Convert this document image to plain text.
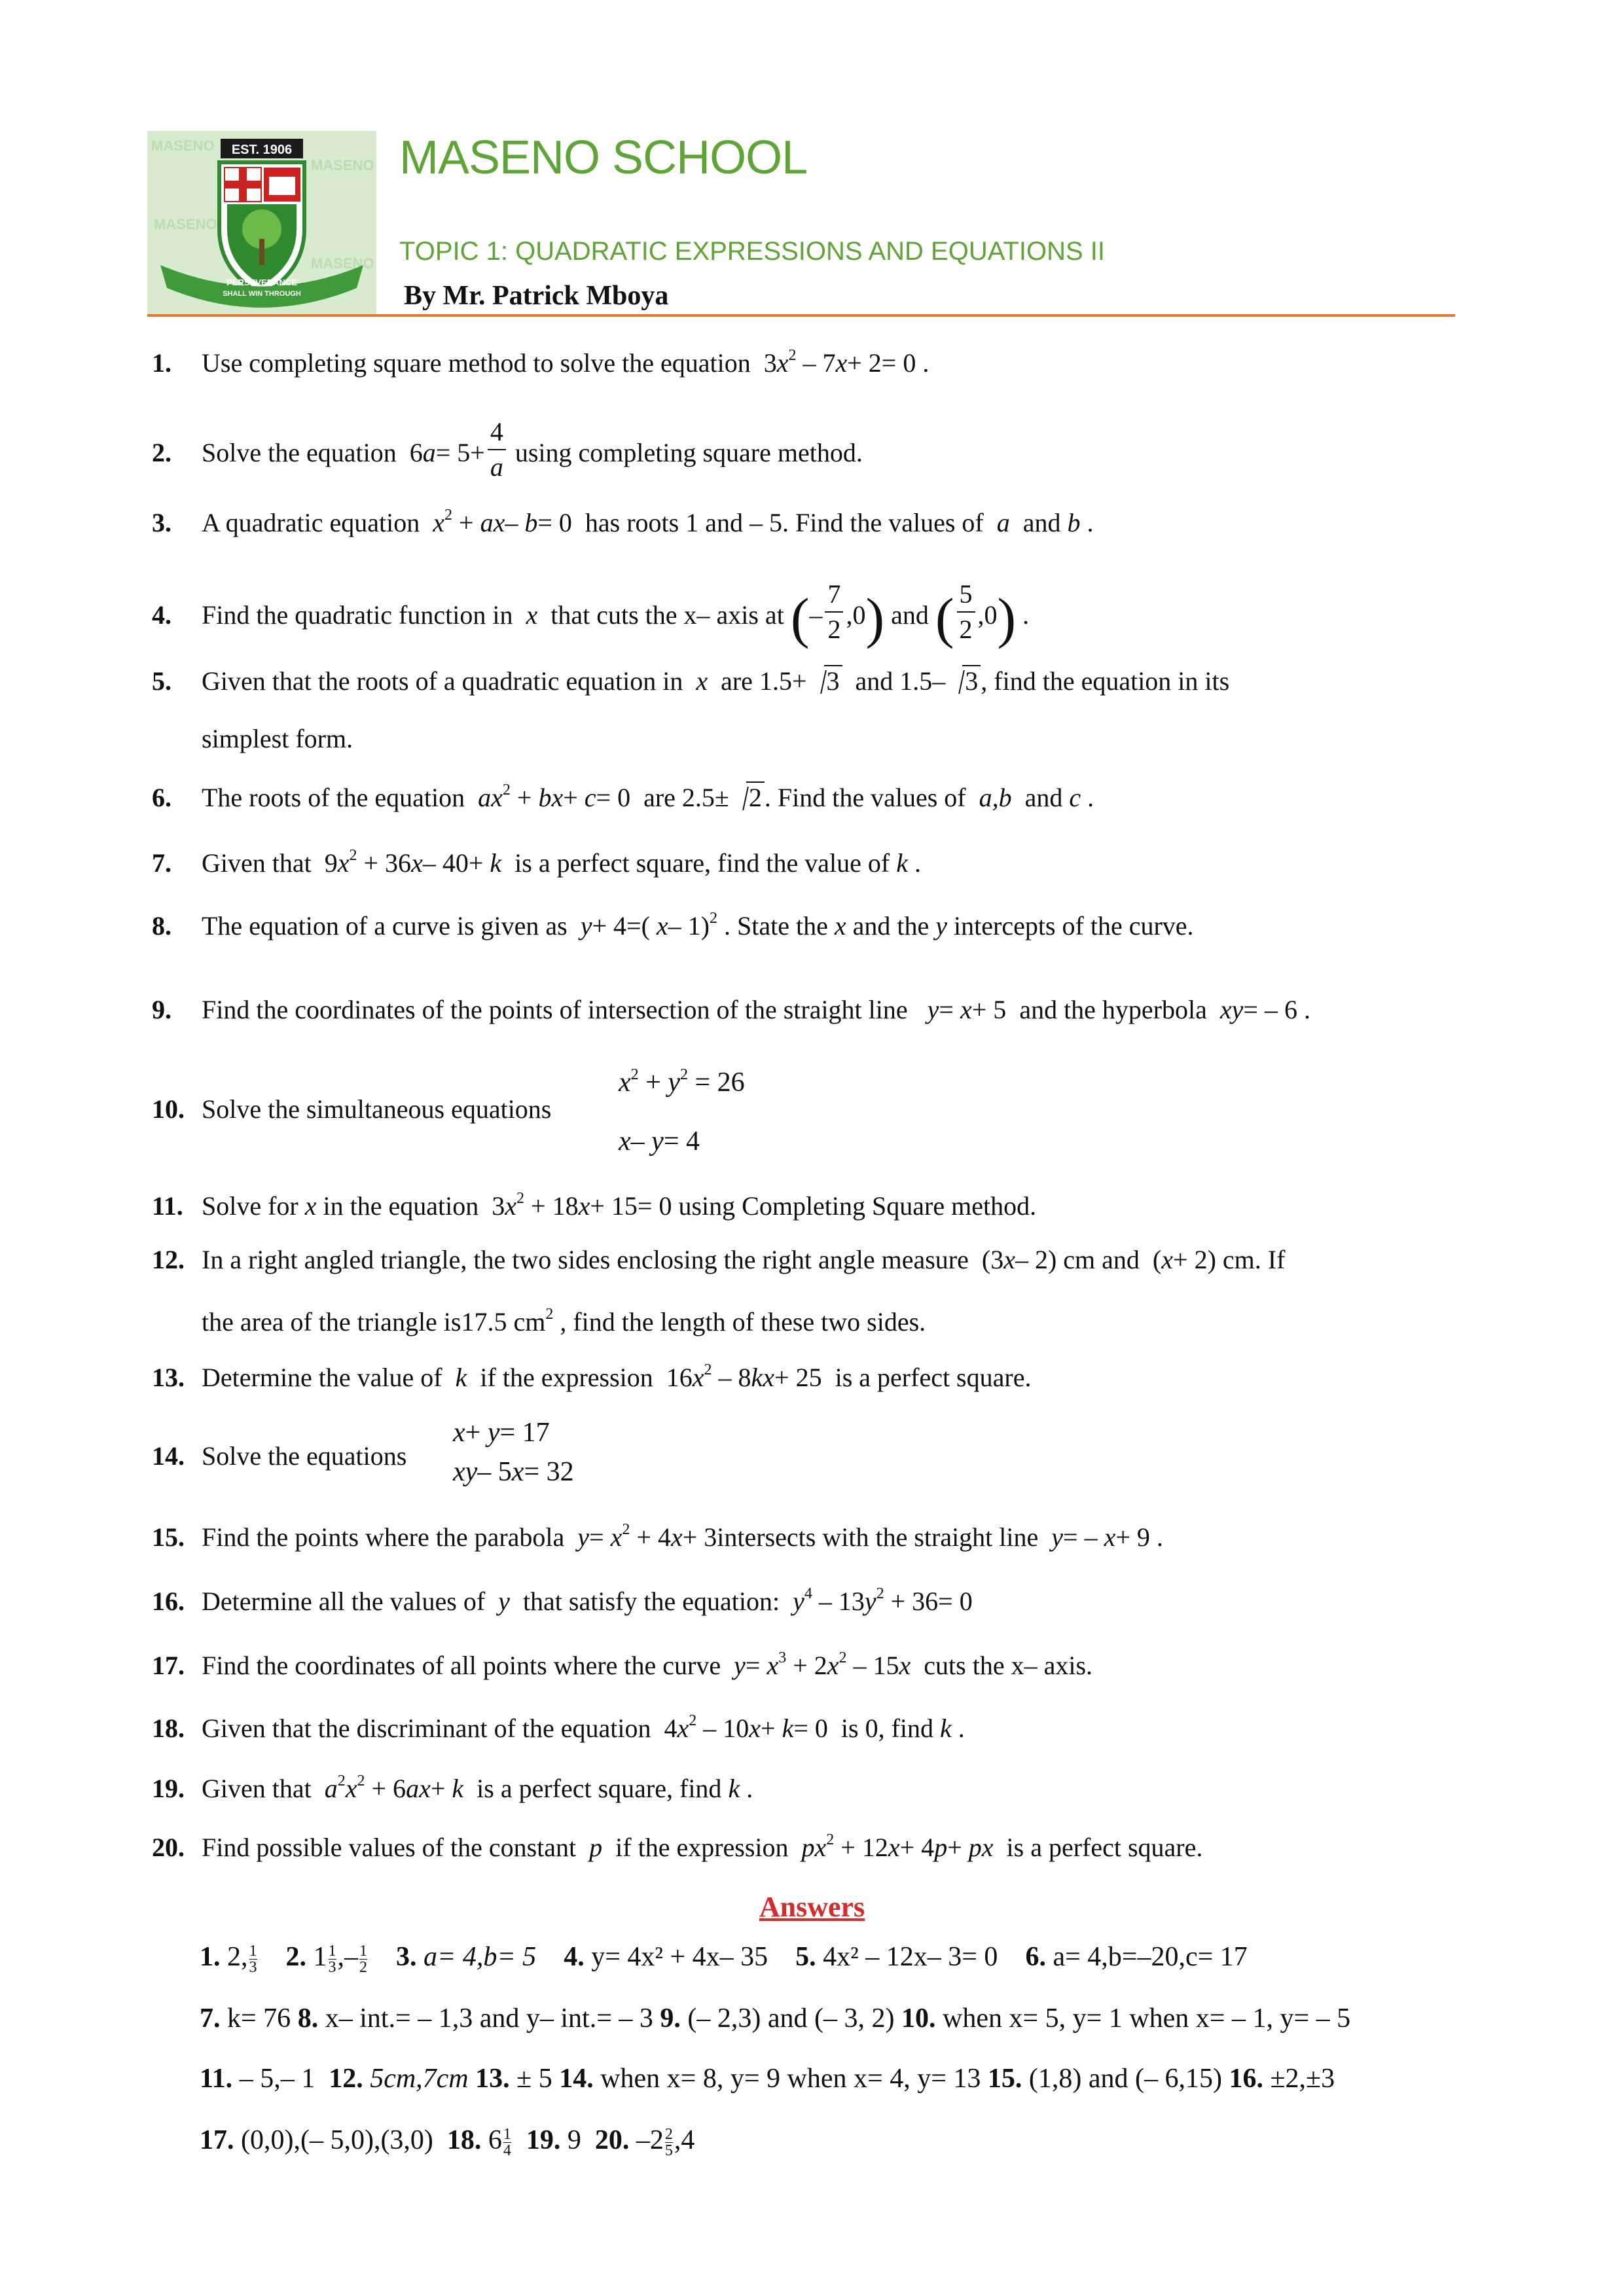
MASENO
MASENO
MASENO
MASENO
EST. 1906
PERSEVERANCE
SHALL WIN THROUGH
MASENO SCHOOL
TOPIC 1: QUADRATIC EXPRESSIONS AND EQUATIONS II
By Mr. Patrick Mboya
1. Use completing square method to solve the equation  $3x^2 - 7x+ 2= 0$ .
2. Solve the equation  $6a= 5+ \frac{4}{a}$ using completing square method.
3. A quadratic equation $x^2 + ax-$ b= 0  has roots 1 and – 5. Find the values of  a  and b .
4. Find the quadratic function in  x  that cuts the x– axis at (– $\frac{7}{2} ,0$) and ( $\frac{5}{2} ,0$) .
5. Given that the roots of a quadratic equation in  x  are 1.5+ 3 and 1.5– 3 , find the equation in its
simplest form.
6. The roots of the equation $ax^2 + bx+ c= 0$  are 2.5± 2 . Find the values of  a,b  and c .
7. Given that  $9x^2 + 36x-$ 40+ k is a perfect square, find the value of k .
8. The equation of a curve is given as y+ 4=( x– 1)$^2$ . State the x and the y intercepts of the curve.
9. Find the coordinates of the points of intersection of the straight line y= x+ 5  and the hyperbola xy= – 6 .
10. Solve the simultaneous equations
$x^2 + y^2 = 26$
x– y= 4
11. Solve for x in the equation  $3x^2 + 18x+ 15= 0$ using Completing Square method.
12. In a right angled triangle, the two sides enclosing the right angle measure  (3x– 2) cm and  (x+ 2) cm. If
the area of the triangle is17.5 $cm^2$ , find the length of these two sides.
13. Determine the value of  k  if the expression  $16x^2 - 8kx+ 25$  is a perfect square.
14. Solve the equations
x+ y= 17
xy– 5x= 32
15. Find the points where the parabola $y= x^2 + 4x+$ 3intersects with the straight line y= – x+ 9 .
16. Determine all the values of  y  that satisfy the equation: $y^4 - 13y^2 + 36= 0$
17. Find the coordinates of all points where the curve $y= x^3 + 2x^2 - 15x$ cuts the x– axis.
18. Given that the discriminant of the equation  $4x^2 - 10x+ k= 0$  is 0, find k .
19. Given that $a^2x^2 + 6ax+ k$ is a perfect square, find k .
20. Find possible values of the constant  p  if the expression $px^2 + 12x+ 4p+$ px is a perfect square.
Answers
1. 2, $\frac{1}{3} 2$. $1 \frac{1}{3}$ ,– $\frac{1}{2} 3$. a= 4,b= 5 4. y= 4x² + 4x– 35 5. 4x² – 12x– 3= 0 6. a= 4,b=–20,c= 17
7. k= 76 8. x– int.= – 1,3 and y– int.= – 3 9. (– 2,3) and (– 3, 2) 10. when x= 5, y= 1 when x= – 1, y= – 5
11. – 5,– 1 12. 5cm,7cm 13. ± 5 14. when x= 8, y= 9 when x= 4, y= 13 15. (1,8) and (– 6,15) 16. ±2,±3
17. (0,0),(– 5,0),(3,0) 18. $6 \frac{1}{4} 19$. 9 20. $-2 \frac{2}{5} ,4$
